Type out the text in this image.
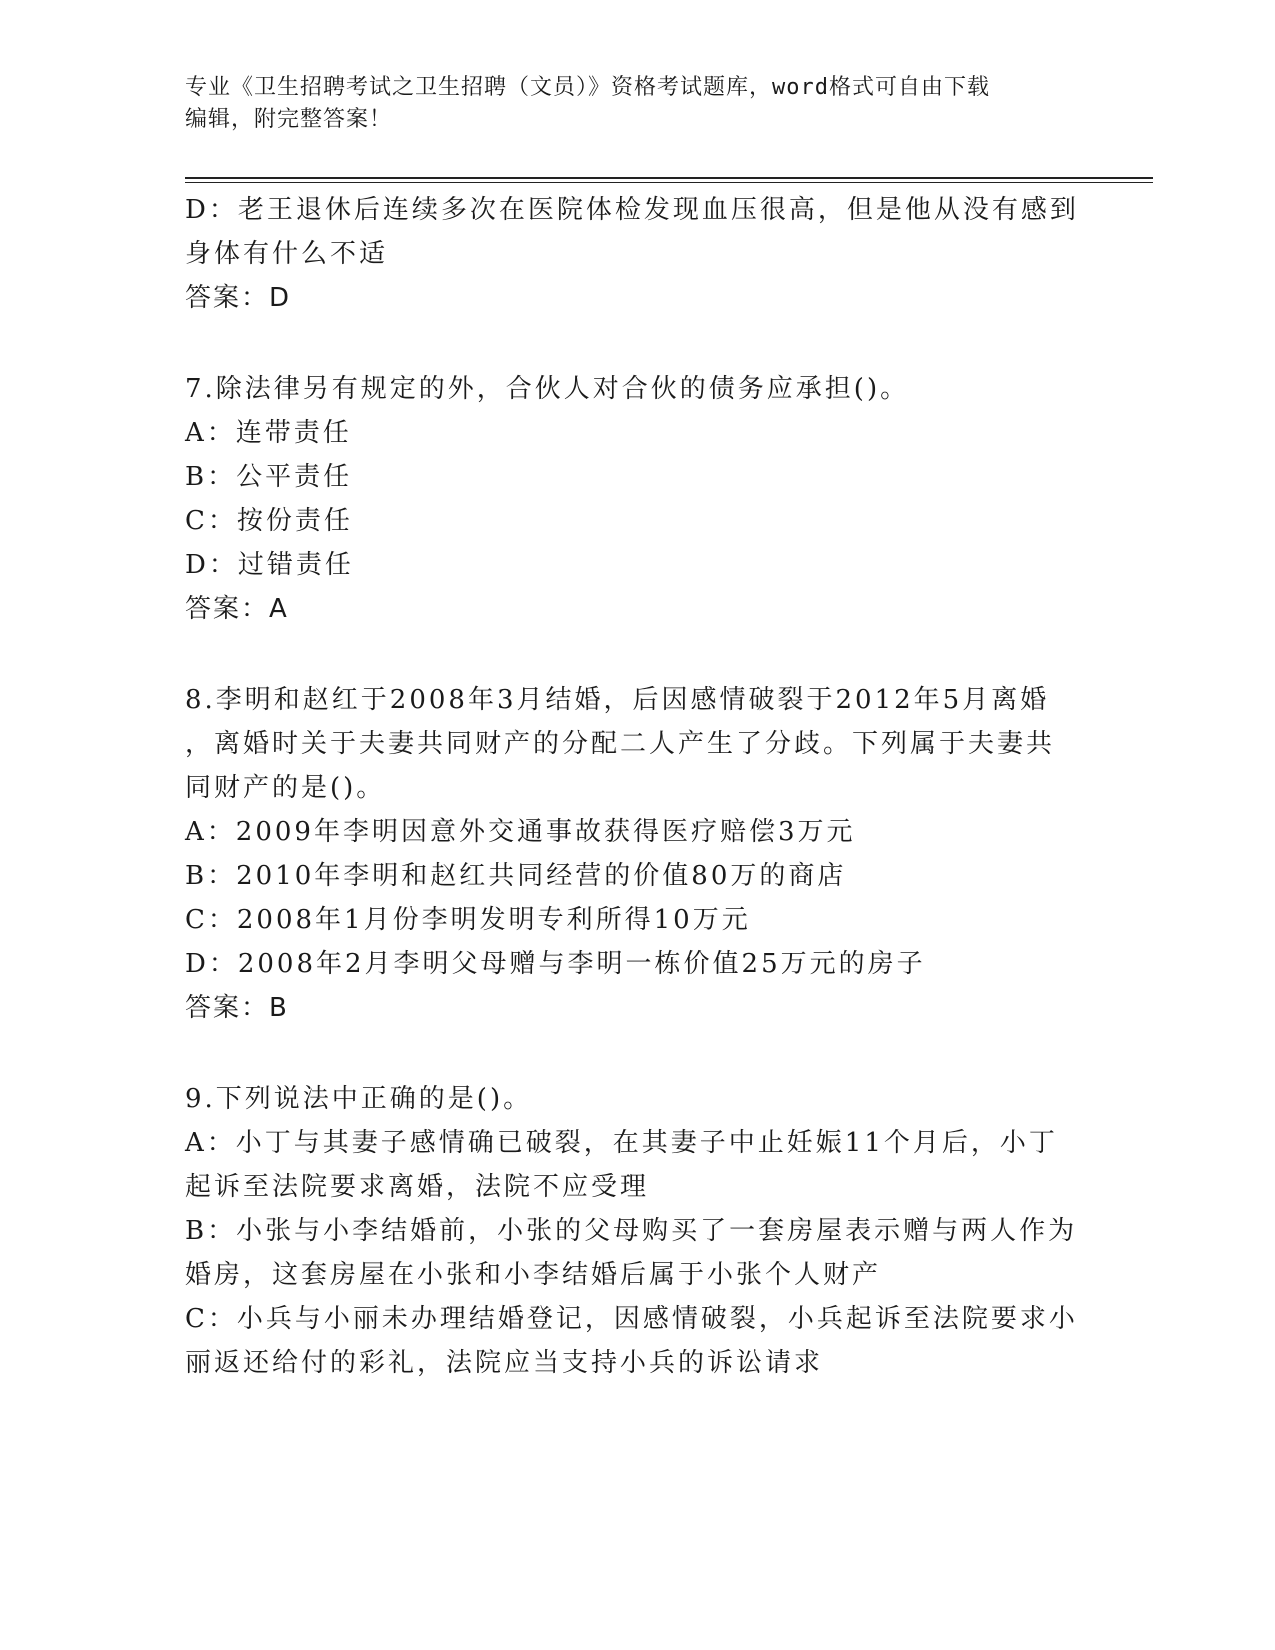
专业《卫生招聘考试之卫生招聘（文员）》资格考试题库，word格式可自由下载
编辑，附完整答案！
D：老王退休后连续多次在医院体检发现血压很高，但是他从没有感到
身体有什么不适
答案：D
7.除法律另有规定的外，合伙人对合伙的债务应承担()。
A：连带责任
B：公平责任
C：按份责任
D：过错责任
答案：A
8.李明和赵红于2008年3月结婚，后因感情破裂于2012年5月离婚
，离婚时关于夫妻共同财产的分配二人产生了分歧。下列属于夫妻共
同财产的是()。
A：2009年李明因意外交通事故获得医疗赔偿3万元
B：2010年李明和赵红共同经营的价值80万的商店
C：2008年1月份李明发明专利所得10万元
D：2008年2月李明父母赠与李明一栋价值25万元的房子
答案：B
9.下列说法中正确的是()。
A：小丁与其妻子感情确已破裂，在其妻子中止妊娠11个月后，小丁
起诉至法院要求离婚，法院不应受理
B：小张与小李结婚前，小张的父母购买了一套房屋表示赠与两人作为
婚房，这套房屋在小张和小李结婚后属于小张个人财产
C：小兵与小丽未办理结婚登记，因感情破裂，小兵起诉至法院要求小
丽返还给付的彩礼，法院应当支持小兵的诉讼请求
